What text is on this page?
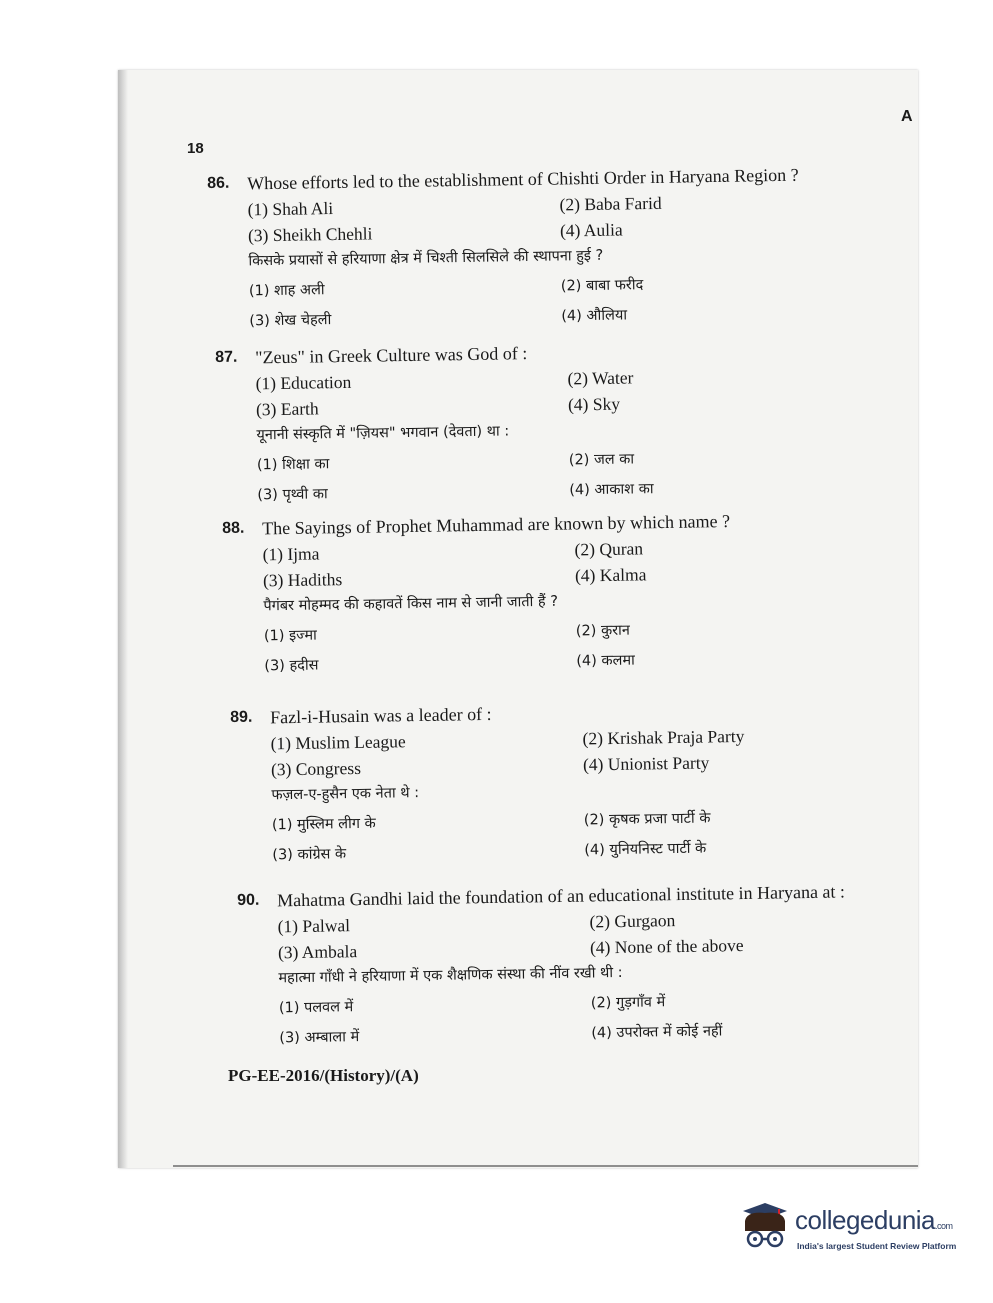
A
18
86. Whose efforts led to the establishment of Chishti Order in Haryana Region ?
(1) Shah Ali	(2) Baba Farid
(3) Sheikh Chehli	(4) Aulia
किसके प्रयासों से हरियाणा क्षेत्र में चिश्ती सिलसिले की स्थापना हुई ?
(1) शाह अली	(2) बाबा फरीद
(3) शेख चेहली	(4) औलिया
87. "Zeus" in Greek Culture was God of :
(1) Education	(2) Water
(3) Earth	(4) Sky
यूनानी संस्कृति में "ज़ियस" भगवान (देवता) था :
(1) शिक्षा का	(2) जल का
(3) पृथ्वी का	(4) आकाश का
88. The Sayings of Prophet Muhammad are known by which name ?
(1) Ijma	(2) Quran
(3) Hadiths	(4) Kalma
पैगंबर मोहम्मद की कहावतें किस नाम से जानी जाती हैं ?
(1) इज्मा	(2) कुरान
(3) हदीस	(4) कलमा
89. Fazl-i-Husain was a leader of :
(1) Muslim League	(2) Krishak Praja Party
(3) Congress	(4) Unionist Party
फज़ल-ए-हुसैन एक नेता थे :
(1) मुस्लिम लीग के	(2) कृषक प्रजा पार्टी के
(3) कांग्रेस के	(4) युनियनिस्ट पार्टी के
90. Mahatma Gandhi laid the foundation of an educational institute in Haryana at :
(1) Palwal	(2) Gurgaon
(3) Ambala	(4) None of the above
महात्मा गाँधी ने हरियाणा में एक शैक्षणिक संस्था की नींव रखी थी :
(1) पलवल में	(2) गुड़गाँव में
(3) अम्बाला में	(4) उपरोक्त में कोई नहीं
PG-EE-2016/(History)/(A)
collegedunia.com
India's largest Student Review Platform
